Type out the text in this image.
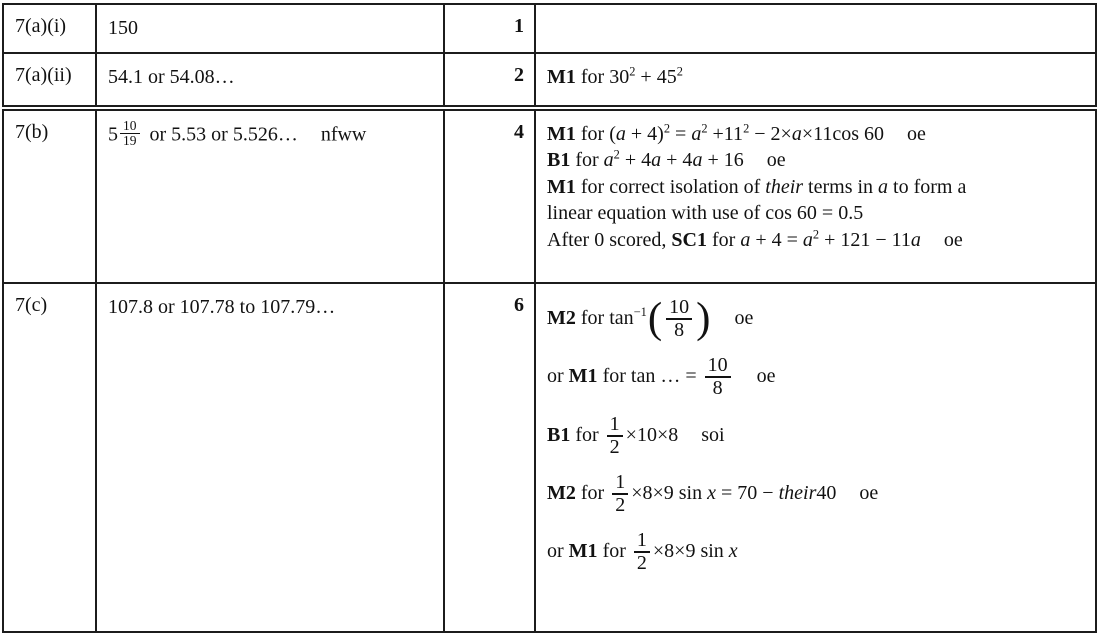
7(a)(i)	150	1	
7(a)(ii)	54.1 or 54.08…	2	M1 for $30^2 + 45^2$

7(b)	$5 \frac{10}{19}$ or 5.53 or 5.526… nfww	4	M1 for $(a + 4)^2 = a^2 +11^2 - 2\times a\times 11\cos$ 60 oe
B1 for $a^2 + 4a + 4a + 16$ oe
M1 for correct isolation of their terms in a to form a
linear equation with use of cos 60 = 0.5
After 0 scored, SC1 for $a + 4 = a^2 + 121 - 11a$ oe

7(c)	107.8 or 107.78 to 107.79…	6	
M2 for $\tan^{-1}( \frac{10}{8}$ ) oe
or M1 for tan … = $\frac{10}{8}$ oe
B1 for $\frac{1}{2} \times 10\times 8$ soi
M2 for $\frac{1}{2} \times 8\times 9$ sin x = 70 − their40 oe
or M1 for $\frac{1}{2} \times 8\times 9$ sin x
